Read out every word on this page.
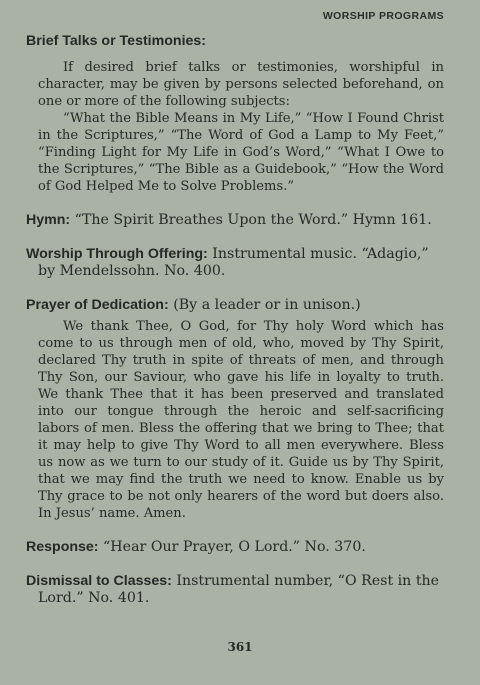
WORSHIP PROGRAMS

Brief Talks or Testimonies:

If desired brief talks or testimonies, worshipful in character, may be given by persons selected beforehand, on one or more of the following subjects:

“What the Bible Means in My Life,” “How I Found Christ in the Scriptures,” “The Word of God a Lamp to My Feet,” “Finding Light for My Life in God’s Word,” “What I Owe to the Scriptures,” “The Bible as a Guidebook,” “How the Word of God Helped Me to Solve Problems.”

Hymn: “The Spirit Breathes Upon the Word.” Hymn 161.

Worship Through Offering: Instrumental music. “Adagio,” by Mendelssohn. No. 400.

Prayer of Dedication: (By a leader or in unison.)

We thank Thee, O God, for Thy holy Word which has come to us through men of old, who, moved by Thy Spirit, declared Thy truth in spite of threats of men, and through Thy Son, our Saviour, who gave his life in loyalty to truth. We thank Thee that it has been preserved and translated into our tongue through the heroic and self-sacrificing labors of men. Bless the offering that we bring to Thee; that it may help to give Thy Word to all men everywhere. Bless us now as we turn to our study of it. Guide us by Thy Spirit, that we may find the truth we need to know. Enable us by Thy grace to be not only hearers of the word but doers also. In Jesus’ name. Amen.

Response: “Hear Our Prayer, O Lord.” No. 370.

Dismissal to Classes: Instrumental number, “O Rest in the Lord.” No. 401.

361
